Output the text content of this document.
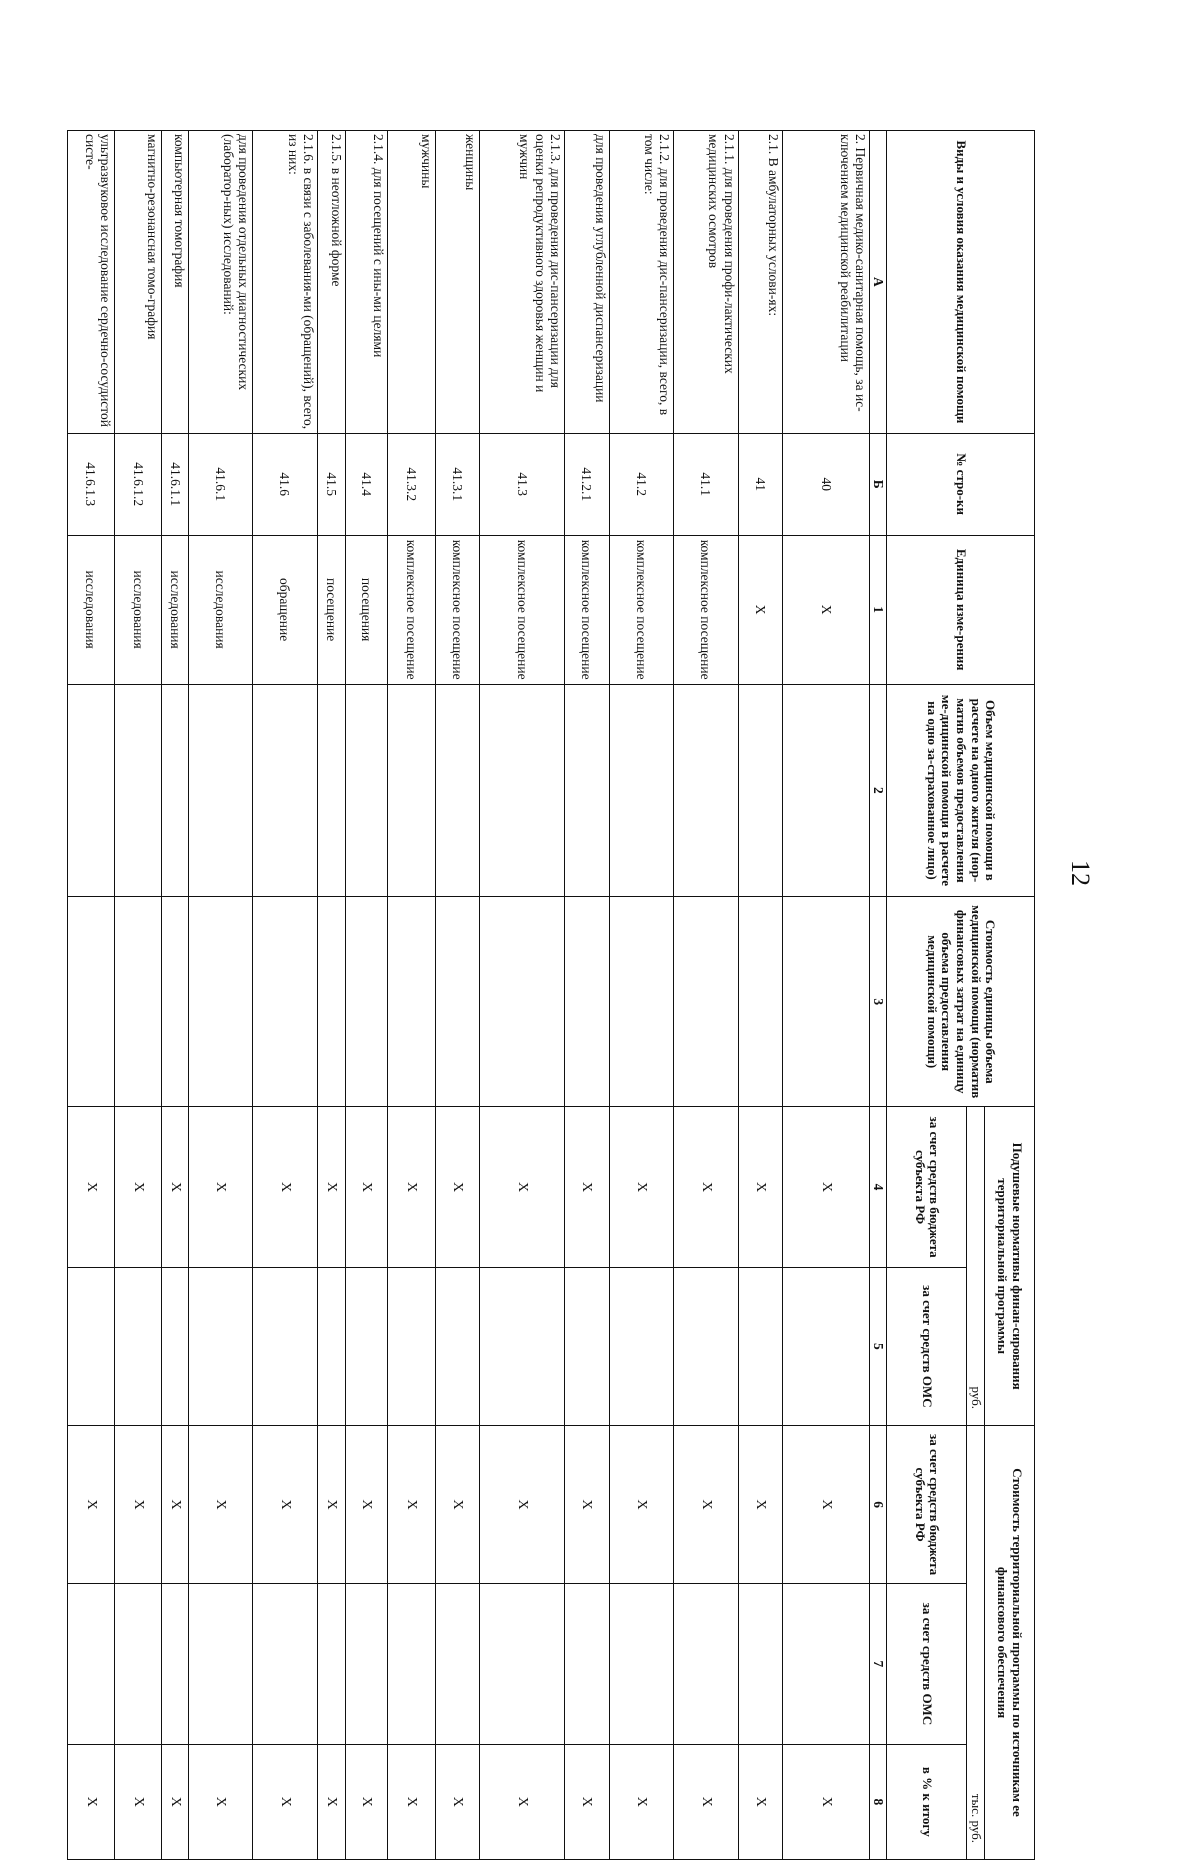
12
Виды и условия оказания медицинской помощи	№ стро-ки	Единица изме-рения	Объем медицинской помощи в расчете на одного жителя (нор-матив объемов предоставления ме-дицинской помощи в расчете на одно за-страхованное лицо)	Стоимость единицы объема медицинской помощи (норматив финансовых затрат на единицу объема предоставления медицинской помощи)	Подушевые нормативы финан-сирования территориальной программы		Стоимость территориальной программы по источникам ее финансового обеспечения		
					руб.		тыс. руб.		
					за счет средств бюджета субъекта РФ	за счет средств ОМС	за счет средств бюджета субъекта РФ	за счет средств ОМС	в % к итогу
А	Б	1	2	3	4	5	6	7	8
2. Первичная медико-санитарная помощь, за ис-ключением медицинской реабилитации	40	X			X		X		X
2.1. В амбулаторных услови-ях:	41	X			X		X		X
2.1.1. для проведения профи-лактических медицинских осмотров	41.1	комплексное посещение			X		X		X
2.1.2. для проведения дис-пансеризации, всего, в том числе:	41.2	комплексное посещение			X		X		X
для проведения углубленной диспансеризации	41.2.1	комплексное посещение			X		X		X
2.1.3. для проведения дис-пансеризации для оценки репродуктивного здоровья женщин и мужчин	41.3	комплексное посещение			X		X		X
женщины	41.3.1	комплексное посещение			X		X		X
мужчины	41.3.2	комплексное посещение			X		X		X
2.1.4. для посещений с ины-ми целями	41.4	посещения			X		X		X
2.1.5. в неотложной форме	41.5	посещение			X		X		X
2.1.6. в связи с заболевания-ми (обращений), всего, из них:	41.6	обращение			X		X		X
для проведения отдельных диагностических (лаборатор-ных) исследований:	41.6.1	исследования			X		X		X
компьютерная томография	41.6.1.1	исследования			X		X		X
магнитно-резонансная томо-графия	41.6.1.2	исследования			X		X		X
ультразвуковое исследование сердечно-сосудистой систе-	41.6.1.3	исследования			X		X		X
